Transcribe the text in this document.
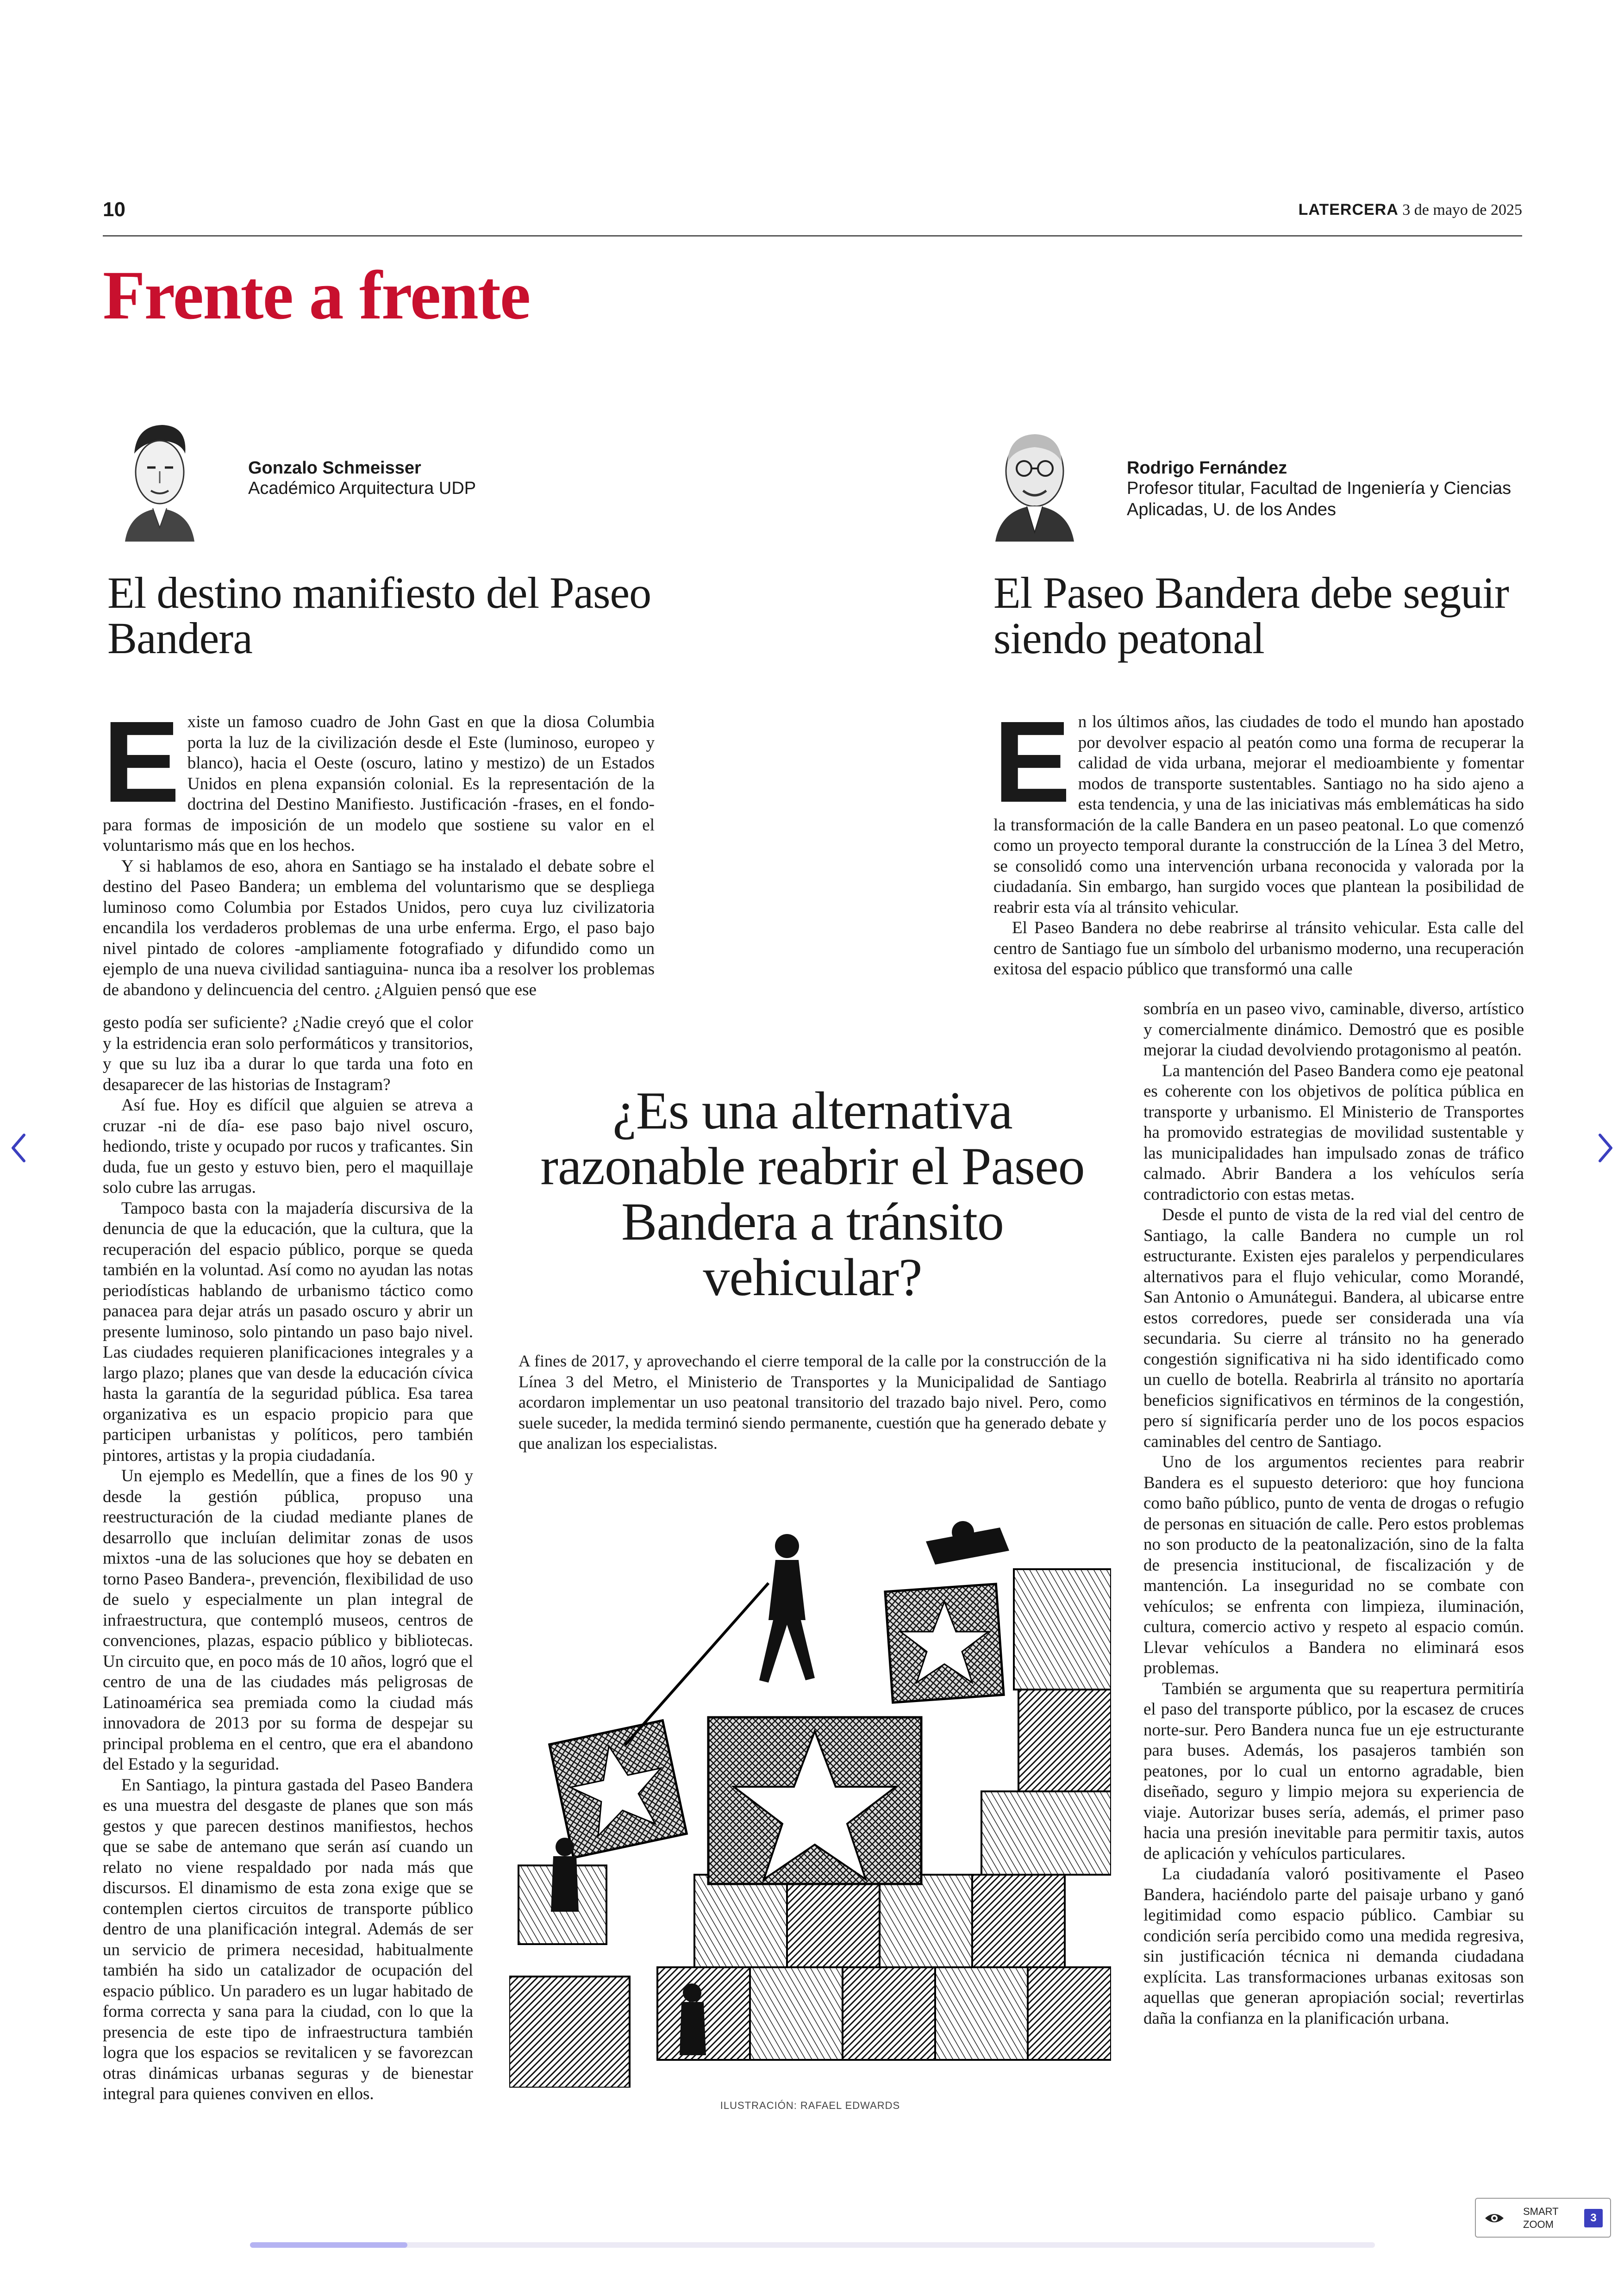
10	LATERCERA 3 de mayo de 2025
Frente a frente
Gonzalo Schmeisser
Académico Arquitectura UDP
Rodrigo Fernández
Profesor titular, Facultad de Ingeniería y Ciencias Aplicadas, U. de los Andes
El destino manifiesto del Paseo Bandera
El Paseo Bandera debe seguir siendo peatonal
E xiste un famoso cuadro de John Gast en que la diosa Columbia porta la luz de la civilización desde el Este (luminoso, europeo y blanco), hacia el Oeste (oscuro, latino y mestizo) de un Estados Unidos en plena expansión colonial. Es la representación de la doctrina del Destino Manifiesto. Justificación -frases, en el fondo- para formas de imposición de un modelo que sostiene su valor en el voluntarismo más que en los hechos.

Y si hablamos de eso, ahora en Santiago se ha instalado el debate sobre el destino del Paseo Bandera; un emblema del voluntarismo que se despliega luminoso como Columbia por Estados Unidos, pero cuya luz civilizatoria encandila los verdaderos problemas de una urbe enferma. Ergo, el paso bajo nivel pintado de colores -ampliamente fotografiado y difundido como un ejemplo de una nueva civilidad santiaguina- nunca iba a resolver los problemas de abandono y delincuencia del centro. ¿Alguien pensó que ese

gesto podía ser suficiente? ¿Nadie creyó que el color y la estridencia eran solo performáticos y transitorios, y que su luz iba a durar lo que tarda una foto en desaparecer de las historias de Instagram?

Así fue. Hoy es difícil que alguien se atreva a cruzar -ni de día- ese paso bajo nivel oscuro, hediondo, triste y ocupado por rucos y traficantes. Sin duda, fue un gesto y estuvo bien, pero el maquillaje solo cubre las arrugas.

Tampoco basta con la majadería discursiva de la denuncia de que la educación, que la cultura, que la recuperación del espacio público, porque se queda también en la voluntad. Así como no ayudan las notas periodísticas hablando de urbanismo táctico como panacea para dejar atrás un pasado oscuro y abrir un presente luminoso, solo pintando un paso bajo nivel. Las ciudades requieren planificaciones integrales y a largo plazo; planes que van desde la educación cívica hasta la garantía de la seguridad pública. Esa tarea organizativa es un espacio propicio para que participen urbanistas y políticos, pero también pintores, artistas y la propia ciudadanía.

Un ejemplo es Medellín, que a fines de los 90 y desde la gestión pública, propuso una reestructuración de la ciudad mediante planes de desarrollo que incluían delimitar zonas de usos mixtos -una de las soluciones que hoy se debaten en torno Paseo Bandera-, prevención, flexibilidad de uso de suelo y especialmente un plan integral de infraestructura, que contempló museos, centros de convenciones, plazas, espacio público y bibliotecas. Un circuito que, en poco más de 10 años, logró que el centro de una de las ciudades más peligrosas de Latinoamérica sea premiada como la ciudad más innovadora de 2013 por su forma de despejar su principal problema en el centro, que era el abandono del Estado y la seguridad.

En Santiago, la pintura gastada del Paseo Bandera es una muestra del desgaste de planes que son más gestos y que parecen destinos manifiestos, hechos que se sabe de antemano que serán así cuando un relato no viene respaldado por nada más que discursos. El dinamismo de esta zona exige que se contemplen ciertos circuitos de transporte público dentro de una planificación integral. Además de ser un servicio de primera necesidad, habitualmente también ha sido un catalizador de ocupación del espacio público. Un paradero es un lugar habitado de forma correcta y sana para la ciudad, con lo que la presencia de este tipo de infraestructura también logra que los espacios se revitalicen y se favorezcan otras dinámicas urbanas seguras y de bienestar integral para quienes conviven en ellos.

E n los últimos años, las ciudades de todo el mundo han apostado por devolver espacio al peatón como una forma de recuperar la calidad de vida urbana, mejorar el medioambiente y fomentar modos de transporte sustentables. Santiago no ha sido ajeno a esta tendencia, y una de las iniciativas más emblemáticas ha sido la transformación de la calle Bandera en un paseo peatonal. Lo que comenzó como un proyecto temporal durante la construcción de la Línea 3 del Metro, se consolidó como una intervención urbana reconocida y valorada por la ciudadanía. Sin embargo, han surgido voces que plantean la posibilidad de reabrir esta vía al tránsito vehicular.

El Paseo Bandera no debe reabrirse al tránsito vehicular. Esta calle del centro de Santiago fue un símbolo del urbanismo moderno, una recuperación exitosa del espacio público que transformó una calle

sombría en un paseo vivo, caminable, diverso, artístico y comercialmente dinámico. Demostró que es posible mejorar la ciudad devolviendo protagonismo al peatón.

La mantención del Paseo Bandera como eje peatonal es coherente con los objetivos de política pública en transporte y urbanismo. El Ministerio de Transportes ha promovido estrategias de movilidad sustentable y las municipalidades han impulsado zonas de tráfico calmado. Abrir Bandera a los vehículos sería contradictorio con estas metas.

Desde el punto de vista de la red vial del centro de Santiago, la calle Bandera no cumple un rol estructurante. Existen ejes paralelos y perpendiculares alternativos para el flujo vehicular, como Morandé, San Antonio o Amunátegui. Bandera, al ubicarse entre estos corredores, puede ser considerada una vía secundaria. Su cierre al tránsito no ha generado congestión significativa ni ha sido identificado como un cuello de botella. Reabrirla al tránsito no aportaría beneficios significativos en términos de la congestión, pero sí significaría perder uno de los pocos espacios caminables del centro de Santiago.

Uno de los argumentos recientes para reabrir Bandera es el supuesto deterioro: que hoy funciona como baño público, punto de venta de drogas o refugio de personas en situación de calle. Pero estos problemas no son producto de la peatonalización, sino de la falta de presencia institucional, de fiscalización y de mantención. La inseguridad no se combate con vehículos; se enfrenta con limpieza, iluminación, cultura, comercio activo y respeto al espacio común. Llevar vehículos a Bandera no eliminará esos problemas.

También se argumenta que su reapertura permitiría el paso del transporte público, por la escasez de cruces norte-sur. Pero Bandera nunca fue un eje estructurante para buses. Además, los pasajeros también son peatones, por lo cual un entorno agradable, bien diseñado, seguro y limpio mejora su experiencia de viaje. Autorizar buses sería, además, el primer paso hacia una presión inevitable para permitir taxis, autos de aplicación y vehículos particulares.

La ciudadanía valoró positivamente el Paseo Bandera, haciéndolo parte del paisaje urbano y ganó legitimidad como espacio público. Cambiar su condición sería percibido como una medida regresiva, sin justificación técnica ni demanda ciudadana explícita. Las transformaciones urbanas exitosas son aquellas que generan apropiación social; revertirlas daña la confianza en la planificación urbana.

¿Es una alternativa razonable reabrir el Paseo Bandera a tránsito vehicular?
A fines de 2017, y aprovechando el cierre temporal de la calle por la construcción de la Línea 3 del Metro, el Ministerio de Transportes y la Municipalidad de Santiago acordaron implementar un uso peatonal transitorio del trazado bajo nivel. Pero, como suele suceder, la medida terminó siendo permanente, cuestión que ha generado debate y que analizan los especialistas.
ILUSTRACIÓN: RAFAEL EDWARDS
SMART ZOOM
3
